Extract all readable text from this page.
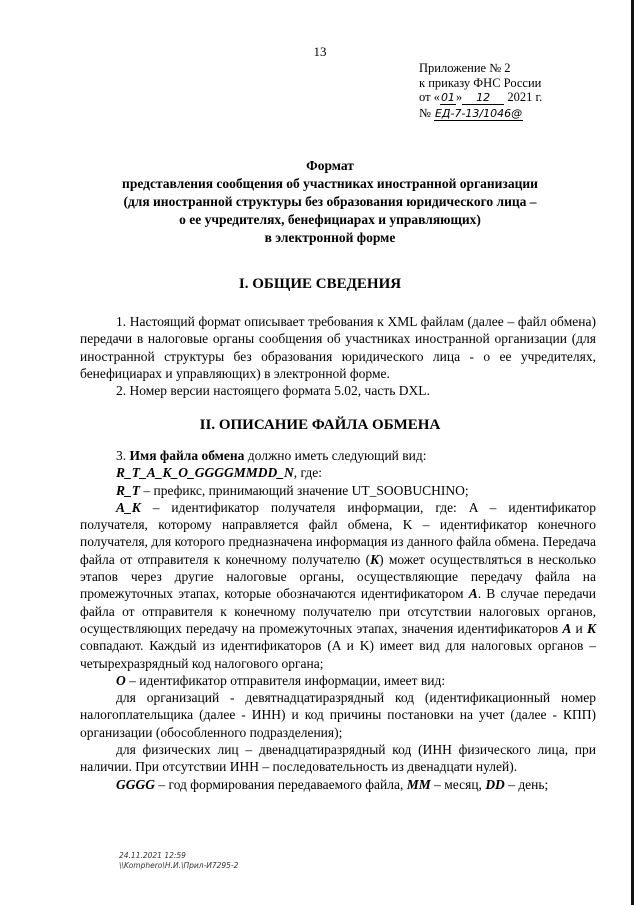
13
Приложение № 2
к приказу ФНС России
от «01» 12 2021 г.
№ ЕД-7-13/1046@
Формат
представления сообщения об участниках иностранной организации
(для иностранной структуры без образования юридического лица –
о ее учредителях, бенефициарах и управляющих)
в электронной форме
I. ОБЩИЕ СВЕДЕНИЯ

1. Настоящий формат описывает требования к XML файлам (далее – файл обмена) передачи в налоговые органы сообщения об участниках иностранной организации (для иностранной структуры без образования юридического лица - о ее учредителях, бенефициарах и управляющих) в электронной форме.

2. Номер версии настоящего формата 5.02, часть DXL.

II. ОПИСАНИЕ ФАЙЛА ОБМЕНА

3. Имя файла обмена должно иметь следующий вид:

R_T_A_K_O_GGGGMMDD_N, где:

R_T – префикс, принимающий значение UT_SOOBUCHINO;

A_K – идентификатор получателя информации, где: A – идентификатор получателя, которому направляется файл обмена, K – идентификатор конечного получателя, для которого предназначена информация из данного файла обмена. Передача файла от отправителя к конечному получателю (K) может осуществляться в несколько этапов через другие налоговые органы, осуществляющие передачу файла на промежуточных этапах, которые обозначаются идентификатором A. В случае передачи файла от отправителя к конечному получателю при отсутствии налоговых органов, осуществляющих передачу на промежуточных этапах, значения идентификаторов A и K совпадают. Каждый из идентификаторов (A и K) имеет вид для налоговых органов – четырехразрядный код налогового органа;

O – идентификатор отправителя информации, имеет вид:

для организаций - девятнадцатиразрядный код (идентификационный номер налогоплательщика (далее - ИНН) и код причины постановки на учет (далее - КПП) организации (обособленного подразделения);

для физических лиц – двенадцатиразрядный код (ИНН физического лица, при наличии. При отсутствии ИНН – последовательность из двенадцати нулей).

GGGG – год формирования передаваемого файла, MM – месяц, DD – день;

24.11.2021 12:59
\\Komphero\Н.И.\Прил-И7295-2
